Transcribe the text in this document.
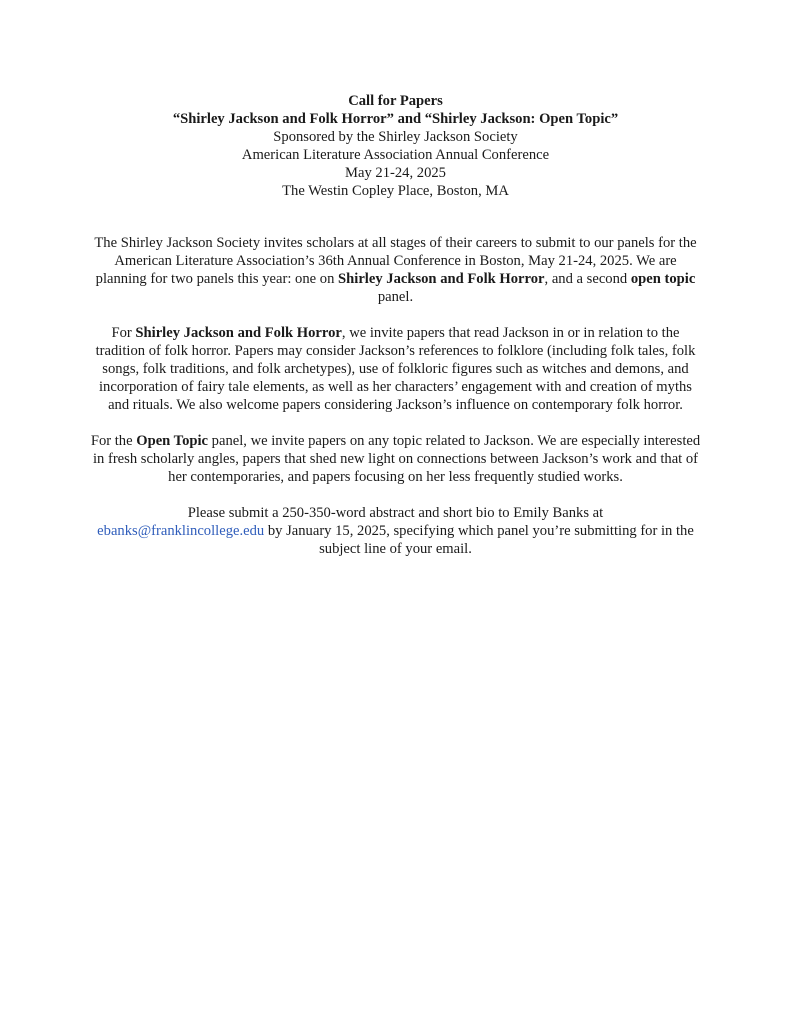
Call for Papers

“Shirley Jackson and Folk Horror” and “Shirley Jackson: Open Topic”

Sponsored by the Shirley Jackson Society

American Literature Association Annual Conference

May 21-24, 2025

The Westin Copley Place, Boston, MA

The Shirley Jackson Society invites scholars at all stages of their careers to submit to our panels for the American Literature Association’s 36th Annual Conference in Boston, May 21-24, 2025. We are planning for two panels this year: one on Shirley Jackson and Folk Horror, and a second open topic panel.

For Shirley Jackson and Folk Horror, we invite papers that read Jackson in or in relation to the tradition of folk horror. Papers may consider Jackson’s references to folklore (including folk tales, folk songs, folk traditions, and folk archetypes), use of folkloric figures such as witches and demons, and incorporation of fairy tale elements, as well as her characters’ engagement with and creation of myths and rituals. We also welcome papers considering Jackson’s influence on contemporary folk horror.

For the Open Topic panel, we invite papers on any topic related to Jackson. We are especially interested in fresh scholarly angles, papers that shed new light on connections between Jackson’s work and that of her contemporaries, and papers focusing on her less frequently studied works.

Please submit a 250-350-word abstract and short bio to Emily Banks at
ebanks@franklincollege.edu by January 15, 2025, specifying which panel you’re submitting for in the subject line of your email.
